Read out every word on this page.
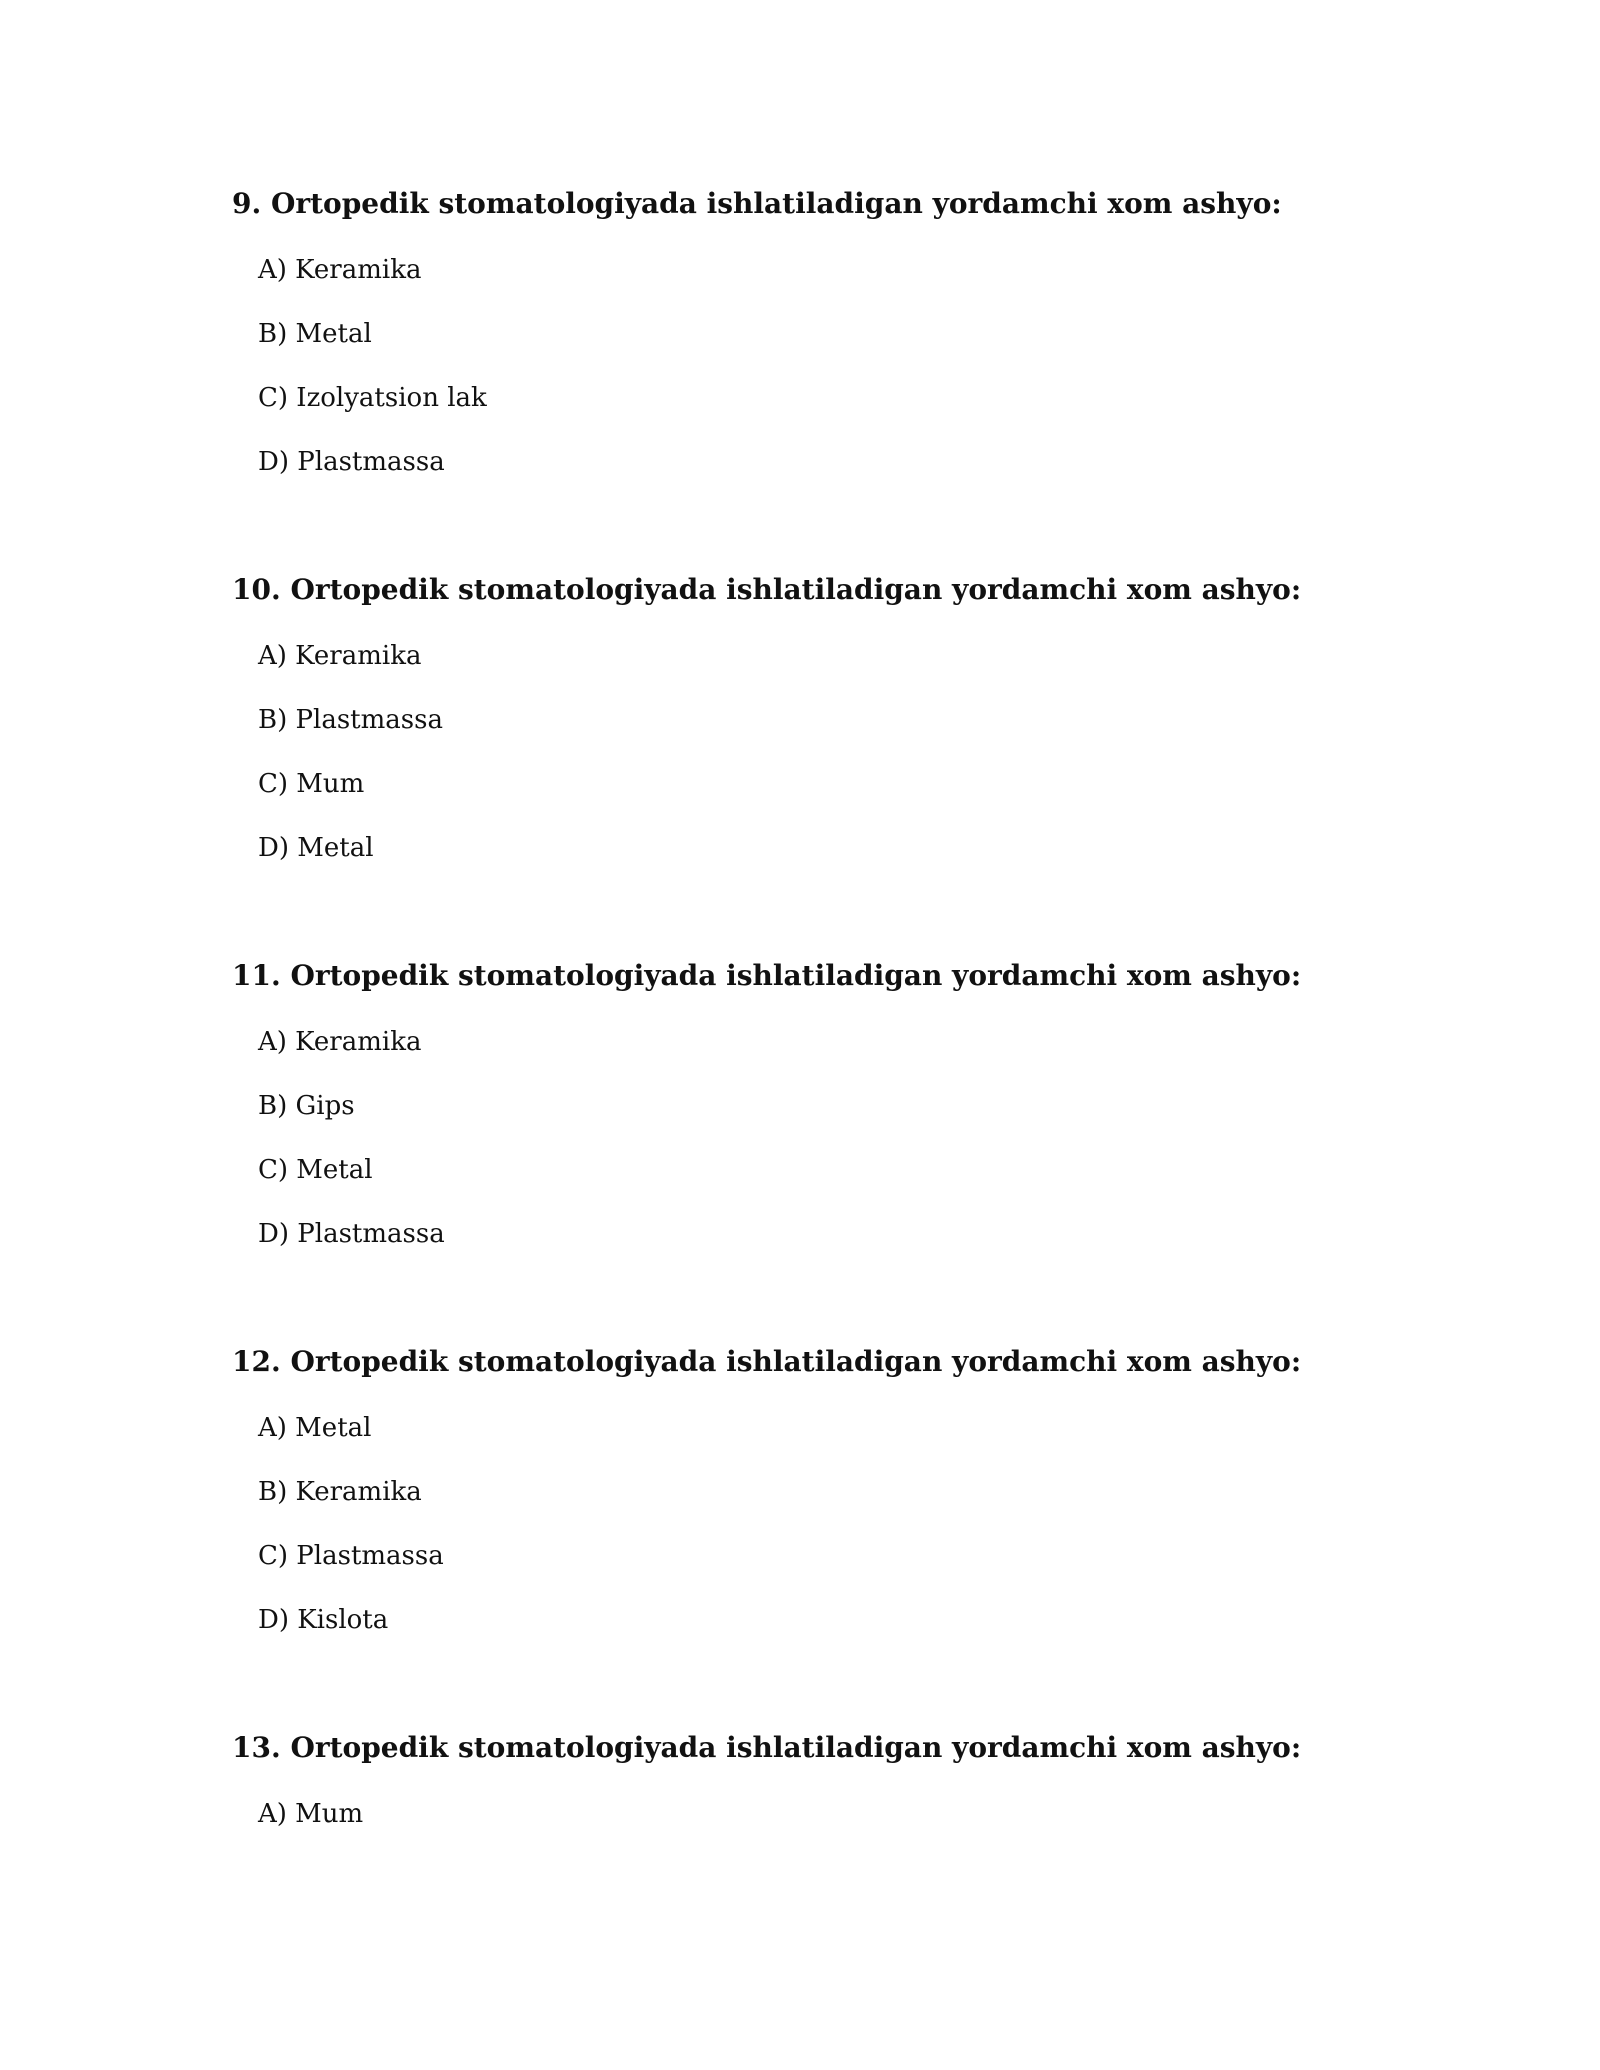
9. Ortopedik stomatologiyada ishlatiladigan yordamchi xom ashyo:
A) Keramika
B) Metal
C) Izolyatsion lak
D) Plastmassa
10. Ortopedik stomatologiyada ishlatiladigan yordamchi xom ashyo:
A) Keramika
B) Plastmassa
C) Mum
D) Metal
11. Ortopedik stomatologiyada ishlatiladigan yordamchi xom ashyo:
A) Keramika
B) Gips
C) Metal
D) Plastmassa
12. Ortopedik stomatologiyada ishlatiladigan yordamchi xom ashyo:
A) Metal
B) Keramika
C) Plastmassa
D) Kislota
13. Ortopedik stomatologiyada ishlatiladigan yordamchi xom ashyo:
A) Mum
